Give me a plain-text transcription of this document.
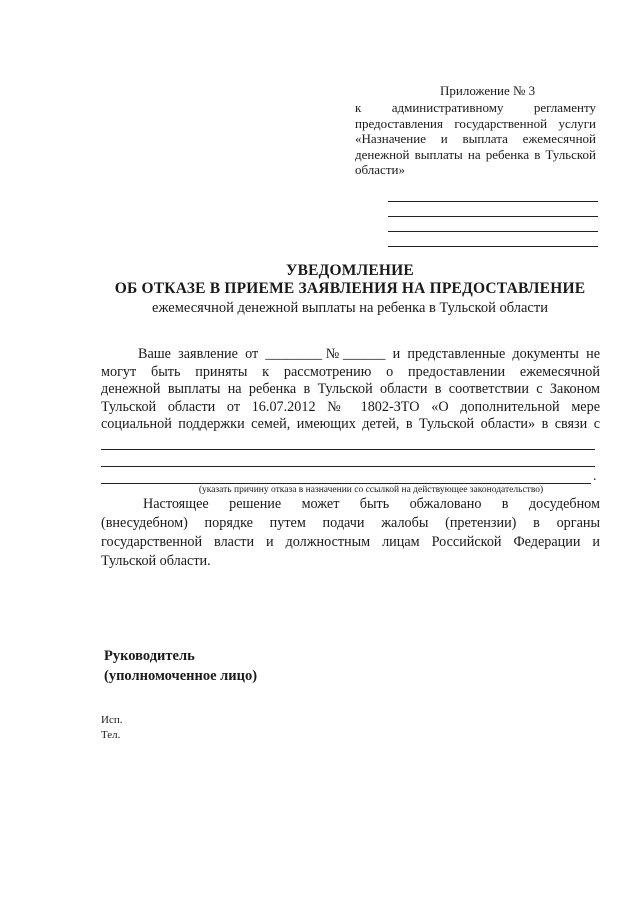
Приложение № 3
к административному регламенту предоставления государственной услуги «Назначение и выплата ежемесячной денежной выплаты на ребенка в Тульской области»
УВЕДОМЛЕНИЕ
ОБ ОТКАЗЕ В ПРИЕМЕ ЗАЯВЛЕНИЯ НА ПРЕДОСТАВЛЕНИЕ
ежемесячной денежной выплаты на ребенка в Тульской области
Ваше заявление от ________№______ и представленные документы не
могут быть приняты к рассмотрению о предоставлении ежемесячной
денежной выплаты на ребенка в Тульской области в соответствии с Законом
Тульской области от 16.07.2012 № 1802-ЗТО «О дополнительной мере
социальной поддержки семей, имеющих детей, в Тульской области» в связи с
.
(указать причину отказа в назначении со ссылкой на действующее законодательство)
Настоящее решение может быть обжаловано в досудебном
(внесудебном) порядке путем подачи жалобы (претензии) в органы
государственной власти и должностным лицам Российской Федерации и
Тульской области.
Руководитель
(уполномоченное лицо)
Исп.
Тел.
